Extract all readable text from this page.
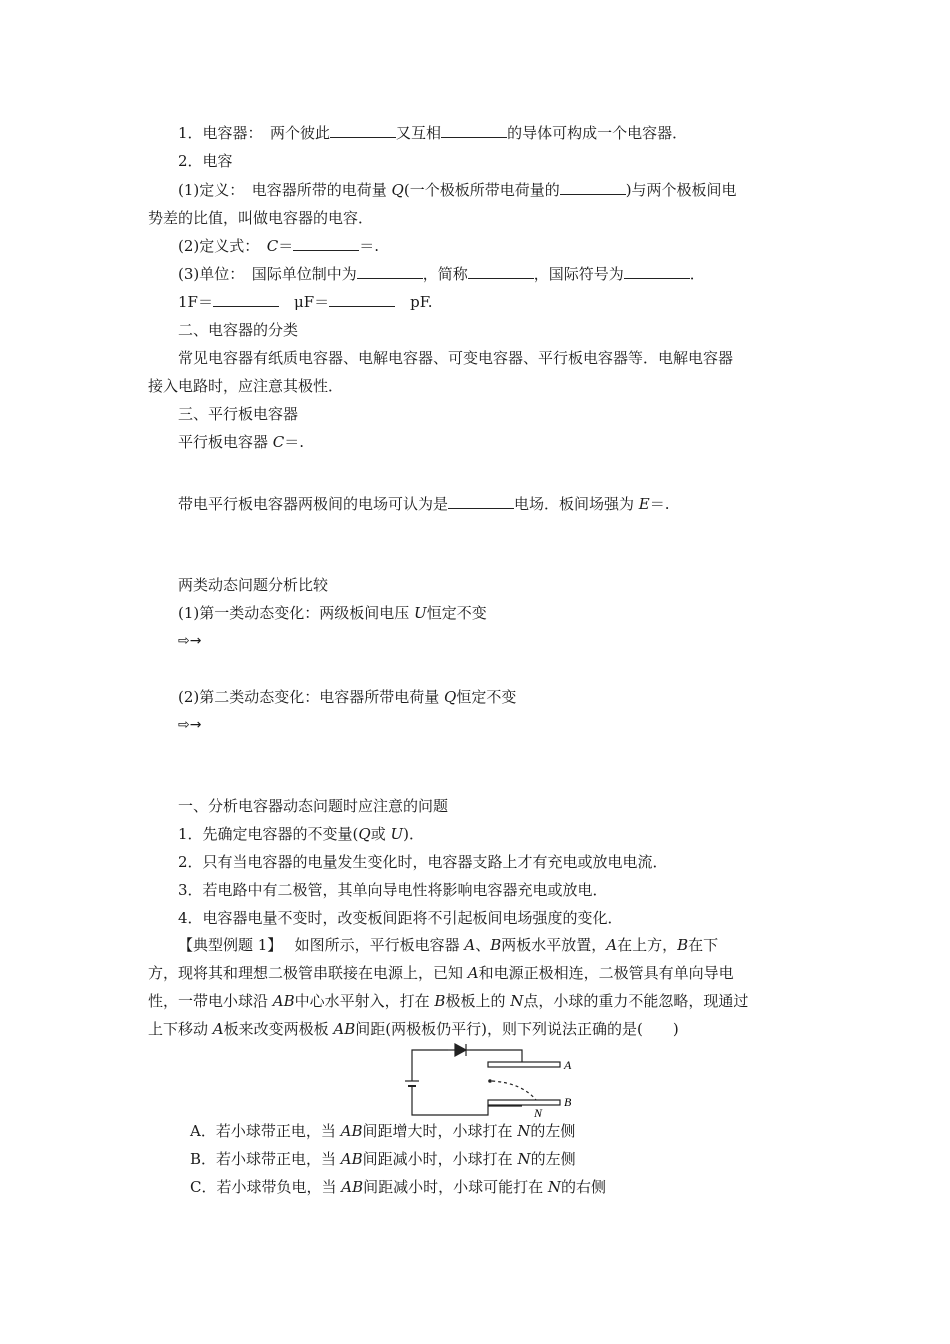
1．电容器：　两个彼此	又互相	的导体可构成一个电容器．
2．电容
(1)定义：　电容器所带的电荷量 Q(一个极板所带电荷量的	)与两个极板间电
势差的比值，叫做电容器的电容．
(2)定义式：　C＝	＝.
(3)单位：　国际单位制中为	，简称	，国际符号为	．
1F＝	　μF＝	　pF.
二、电容器的分类
常见电容器有纸质电容器、电解电容器、可变电容器、平行板电容器等．电解电容器
接入电路时，应注意其极性．
三、平行板电容器
平行板电容器 C＝.
带电平行板电容器两极间的电场可认为是	电场．板间场强为 E＝.
两类动态问题分析比较
(1)第一类动态变化：两级板间电压 U恒定不变
⇨→
(2)第二类动态变化：电容器所带电荷量 Q恒定不变
⇨→
一、分析电容器动态问题时应注意的问题
1．先确定电容器的不变量(Q或 U)．
2．只有当电容器的电量发生变化时，电容器支路上才有充电或放电电流．
3．若电路中有二极管，其单向导电性将影响电容器充电或放电．
4．电容器电量不变时，改变板间距将不引起板间电场强度的变化．
【典型例题 1】　 如图所示，平行板电容器 A、B两板水平放置，A在上方，B在下
方，现将其和理想二极管串联接在电源上，已知 A和电源正极相连，二极管具有单向导电
性，一带电小球沿 AB中心水平射入，打在 B极板上的 N点，小球的重力不能忽略，现通过
上下移动 A板来改变两极板 AB间距(两极板仍平行)，则下列说法正确的是(　　)
A
B
N
A．若小球带正电，当 AB间距增大时，小球打在 N的左侧
B．若小球带正电，当 AB间距减小时，小球打在 N的左侧
C．若小球带负电，当 AB间距减小时，小球可能打在 N的右侧
